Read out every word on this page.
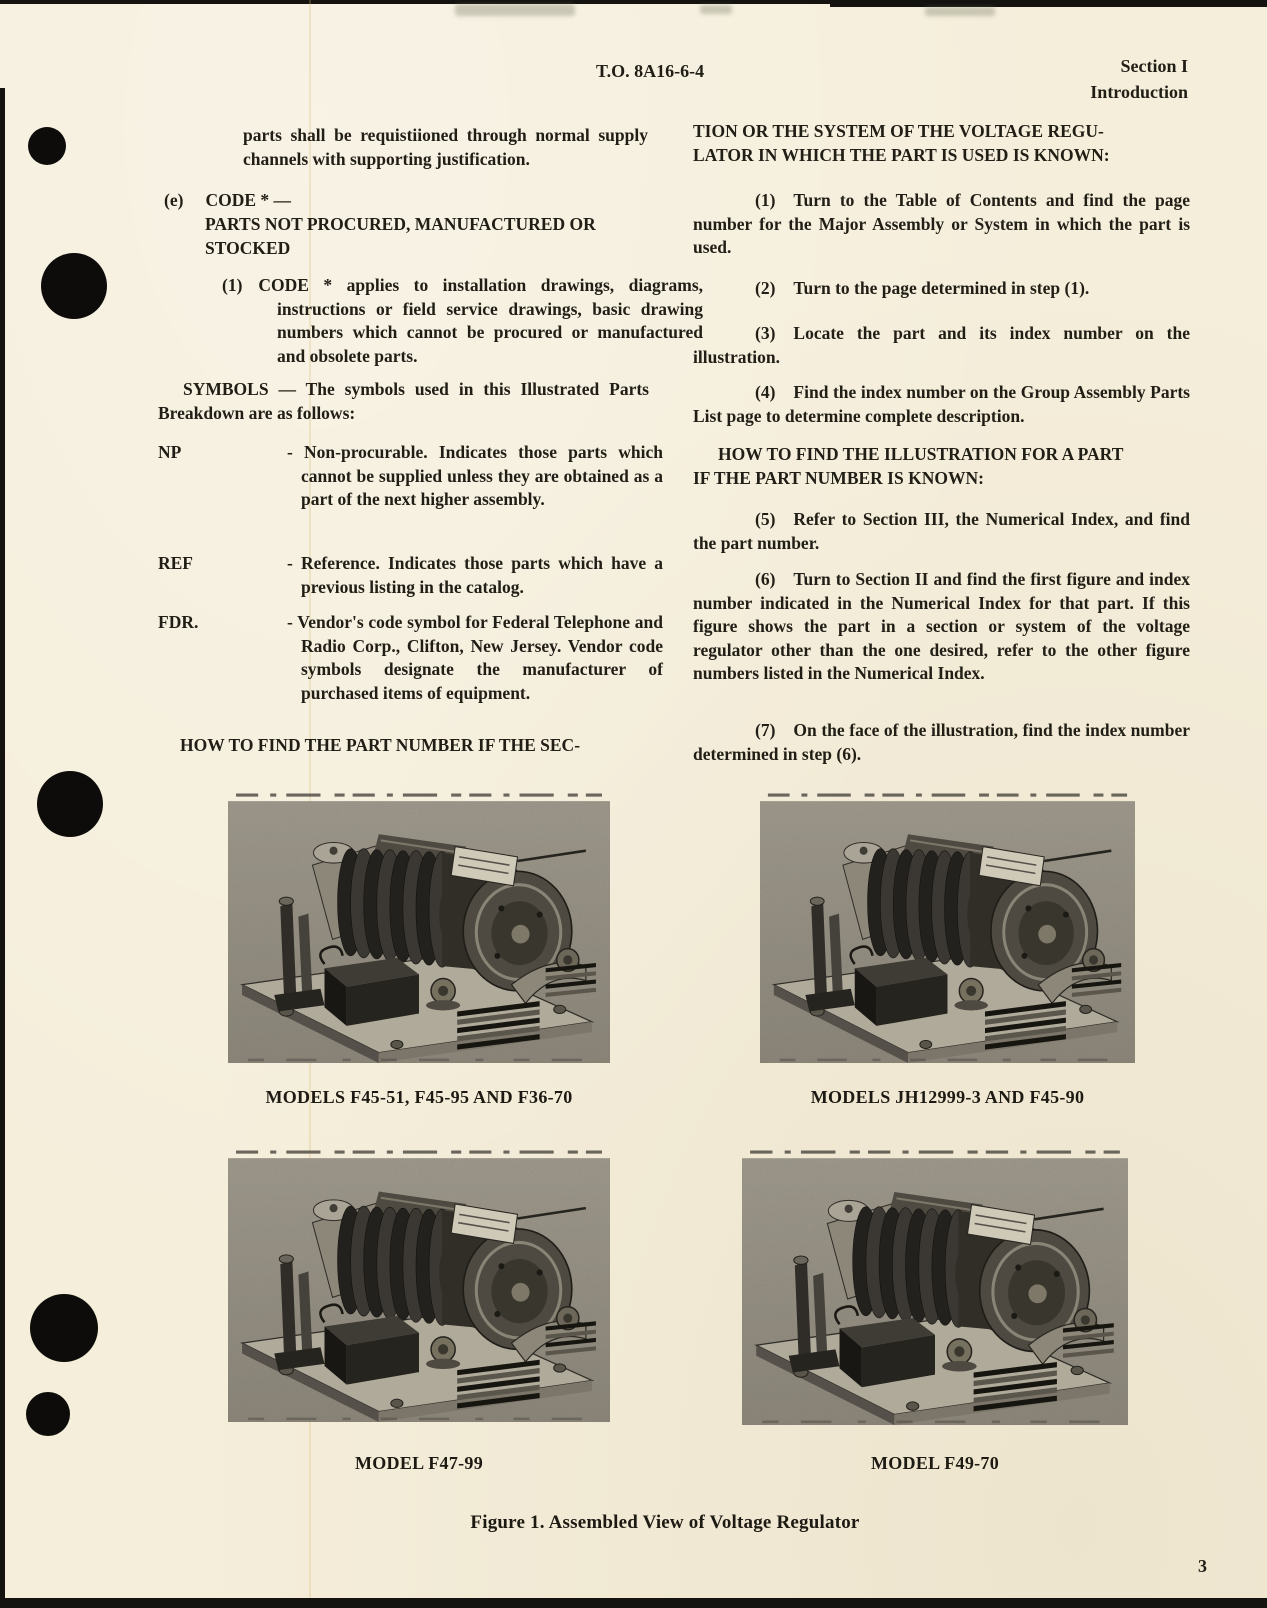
T.O. 8A16-6-4	Section I
Introduction
parts shall be requistiioned through normal supply channels with supporting justification.
(e) CODE * —
PARTS NOT PROCURED, MANUFACTURED OR
STOCKED
(1) CODE * applies to installation drawings, diagrams, instructions or field service drawings, basic drawing numbers which cannot be procured or manufactured and obsolete parts.
SYMBOLS — The symbols used in this Illustrated Parts Breakdown are as follows:
NP	- Non-procurable. Indicates those parts which cannot be supplied unless they are obtained as a part of the next higher assembly.
REF	- Reference. Indicates those parts which have a previous listing in the catalog.
FDR.	- Vendor's code symbol for Federal Telephone and Radio Corp., Clifton, New Jersey. Vendor code symbols designate the manufacturer of purchased items of equipment.
HOW TO FIND THE PART NUMBER IF THE SEC-
TION OR THE SYSTEM OF THE VOLTAGE REGU-
LATOR IN WHICH THE PART IS USED IS KNOWN:

(1) Turn to the Table of Contents and find the page number for the Major Assembly or System in which the part is used.

(2) Turn to the page determined in step (1).

(3) Locate the part and its index number on the illustration.

(4) Find the index number on the Group Assembly Parts List page to determine complete description.

HOW TO FIND THE ILLUSTRATION FOR A PART
IF THE PART NUMBER IS KNOWN:

(5) Refer to Section III, the Numerical Index, and find the part number.

(6) Turn to Section II and find the first figure and index number indicated in the Numerical Index for that part. If this figure shows the part in a section or system of the voltage regulator other than the one desired, refer to the other figure numbers listed in the Numerical Index.

(7) On the face of the illustration, find the index number determined in step (6).

MODELS F45-51, F45-95 AND F36-70	MODELS JH12999-3 AND F45-90
MODEL F47-99	MODEL F49-70
Figure 1. Assembled View of Voltage Regulator
3
